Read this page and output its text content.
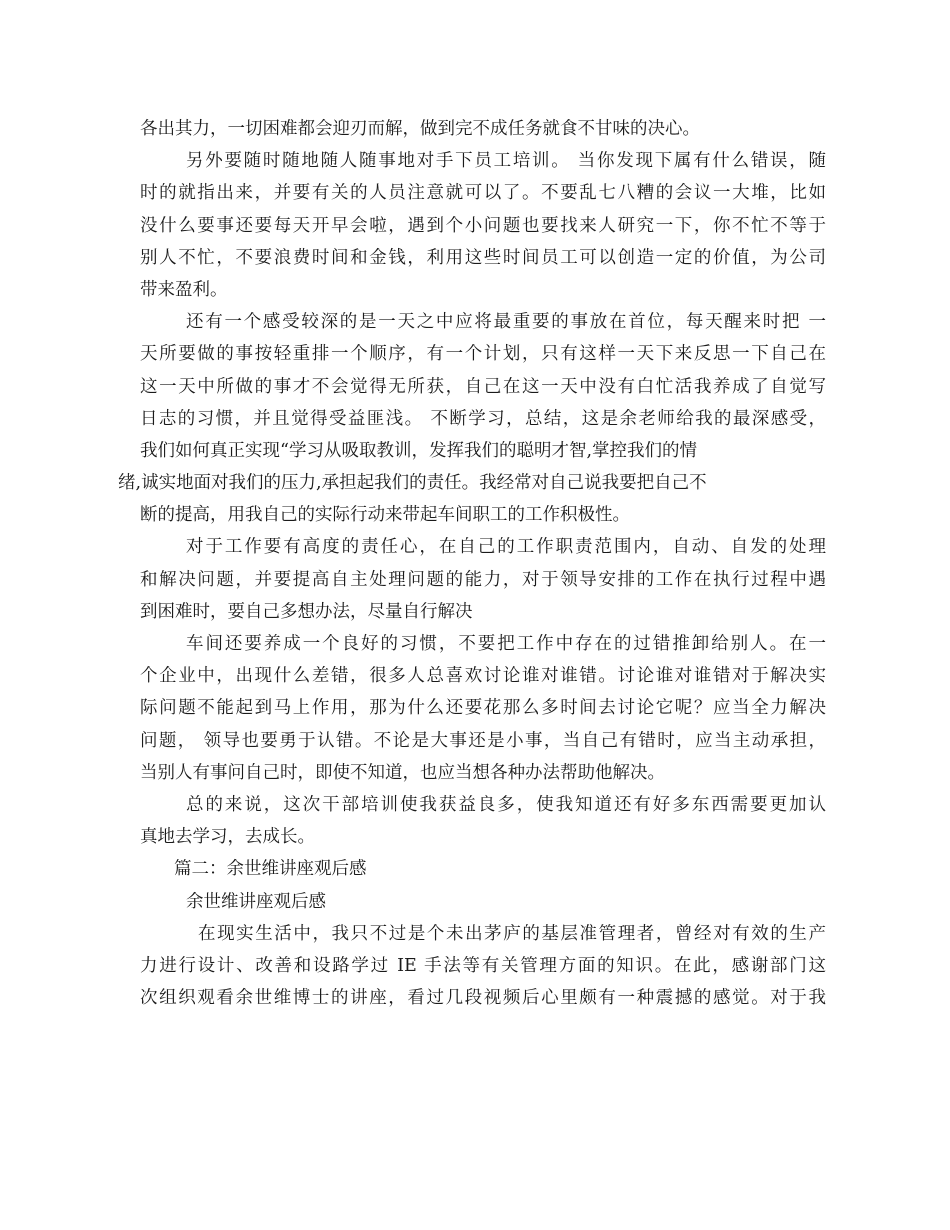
各出其力，一切困难都会迎刃而解，做到完不成任务就食不甘味的决心。
另外要随时随地随人随事地对手下员工培训。 当你发现下属有什么错误，随
时的就指出来，并要有关的人员注意就可以了。不要乱七八糟的会议一大堆，比如
没什么要事还要每天开早会啦，遇到个小问题也要找来人研究一下，你不忙不等于
别人不忙，不要浪费时间和金钱，利用这些时间员工可以创造一定的价值，为公司
带来盈利。
还有一个感受较深的是一天之中应将最重要的事放在首位，每天醒来时把 一
天所要做的事按轻重排一个顺序，有一个计划，只有这样一天下来反思一下自己在
这一天中所做的事才不会觉得无所获，自己在这一天中没有白忙活我养成了自觉写
日志的习惯，并且觉得受益匪浅。 不断学习，总结，这是余老师给我的最深感受，
我们如何真正实现“学习从吸取教训，发挥我们的聪明才智,掌控我们的情
绪,诚实地面对我们的压力,承担起我们的责任。我经常对自己说我要把自己不
断的提高，用我自己的实际行动来带起车间职工的工作积极性。
对于工作要有高度的责任心，在自己的工作职责范围内，自动、自发的处理
和解决问题，并要提高自主处理问题的能力，对于领导安排的工作在执行过程中遇
到困难时，要自己多想办法，尽量自行解决
车间还要养成一个良好的习惯，不要把工作中存在的过错推卸给别人。在一
个企业中，出现什么差错，很多人总喜欢讨论谁对谁错。讨论谁对谁错对于解决实
际问题不能起到马上作用，那为什么还要花那么多时间去讨论它呢？应当全力解决
问题， 领导也要勇于认错。不论是大事还是小事，当自己有错时，应当主动承担，
当别人有事问自己时，即使不知道，也应当想各种办法帮助他解决。
总的来说，这次干部培训使我获益良多，使我知道还有好多东西需要更加认
真地去学习，去成长。
篇二：余世维讲座观后感
余世维讲座观后感
在现实生活中，我只不过是个未出茅庐的基层准管理者，曾经对有效的生产
力进行设计、改善和设路学过 IE 手法等有关管理方面的知识。在此，感谢部门这
次组织观看余世维博士的讲座，看过几段视频后心里颇有一种震撼的感觉。对于我
